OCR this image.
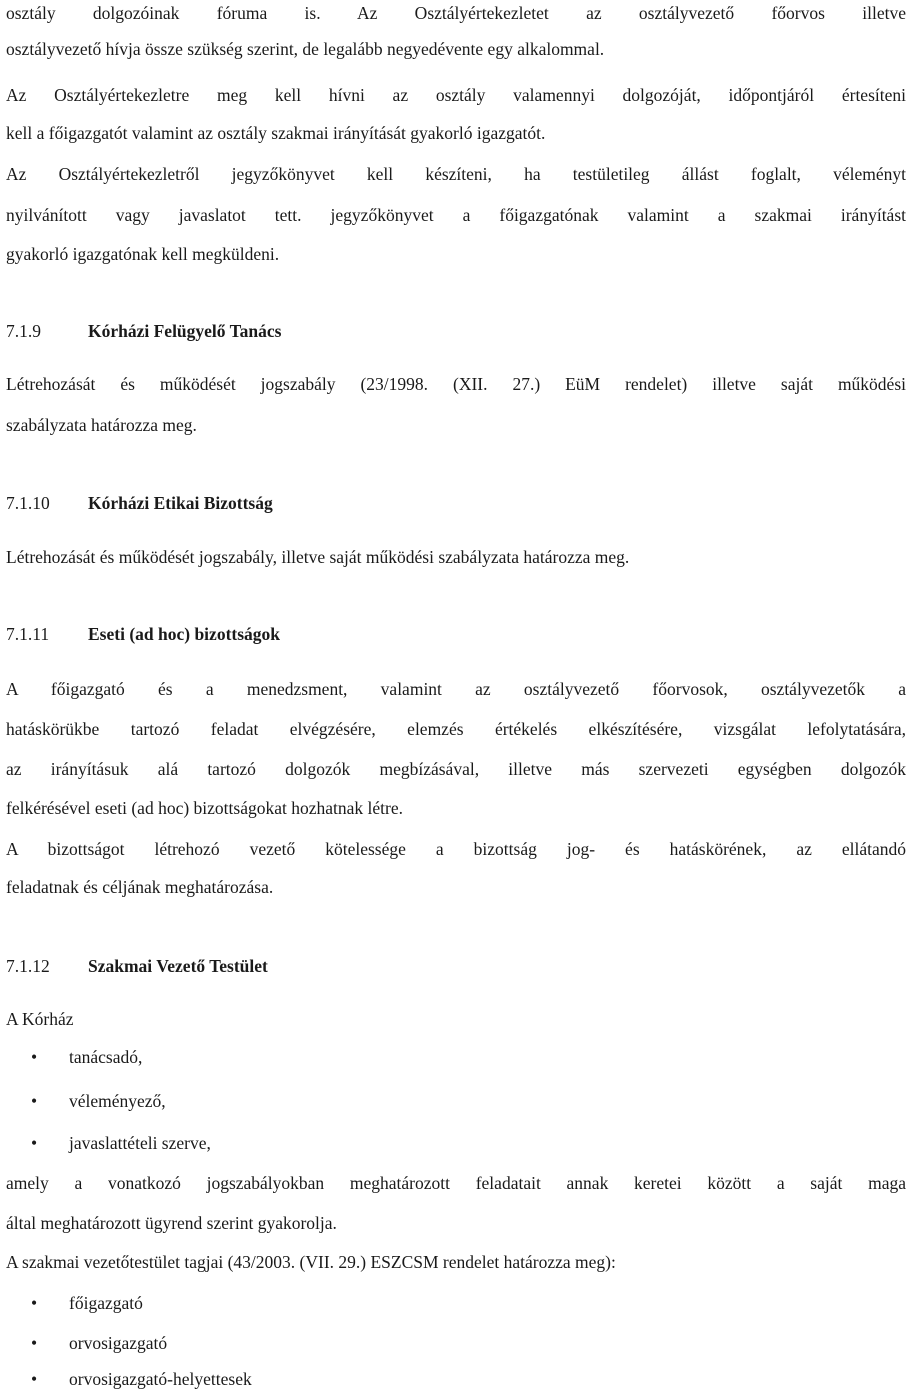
osztály dolgozóinak fóruma is. Az Osztályértekezletet az osztályvezető főorvos illetve
osztályvezető hívja össze szükség szerint, de legalább negyedévente egy alkalommal.
Az Osztályértekezletre meg kell hívni az osztály valamennyi dolgozóját, időpontjáról értesíteni
kell a főigazgatót valamint az osztály szakmai irányítását gyakorló igazgatót.
Az Osztályértekezletről jegyzőkönyvet kell készíteni, ha testületileg állást foglalt, véleményt
nyilvánított vagy javaslatot tett. jegyzőkönyvet a főigazgatónak valamint a szakmai irányítást
gyakorló igazgatónak kell megküldeni.
7.1.9	Kórházi Felügyelő Tanács
Létrehozását és működését jogszabály (23/1998. (XII. 27.) EüM rendelet) illetve saját működési
szabályzata határozza meg.
7.1.10 Kórházi Etikai Bizottság
Létrehozását és működését jogszabály, illetve saját működési szabályzata határozza meg.
7.1.11 Eseti (ad hoc) bizottságok
A főigazgató és a menedzsment, valamint az osztályvezető főorvosok, osztályvezetők a
hatáskörükbe tartozó feladat elvégzésére, elemzés értékelés elkészítésére, vizsgálat lefolytatására,
az irányításuk alá tartozó dolgozók megbízásával, illetve más szervezeti egységben dolgozók
felkérésével eseti (ad hoc) bizottságokat hozhatnak létre.
A bizottságot létrehozó vezető kötelessége a bizottság jog- és hatáskörének, az ellátandó
feladatnak és céljának meghatározása.
7.1.12 Szakmai Vezető Testület
A Kórház
• tanácsadó,
• véleményező,
• javaslattételi szerve,
amely a vonatkozó jogszabályokban meghatározott feladatait annak keretei között a saját maga
által meghatározott ügyrend szerint gyakorolja.
A szakmai vezetőtestület tagjai (43/2003. (VII. 29.) ESZCSM rendelet határozza meg):
• főigazgató
• orvosigazgató
• orvosigazgató-helyettesek
